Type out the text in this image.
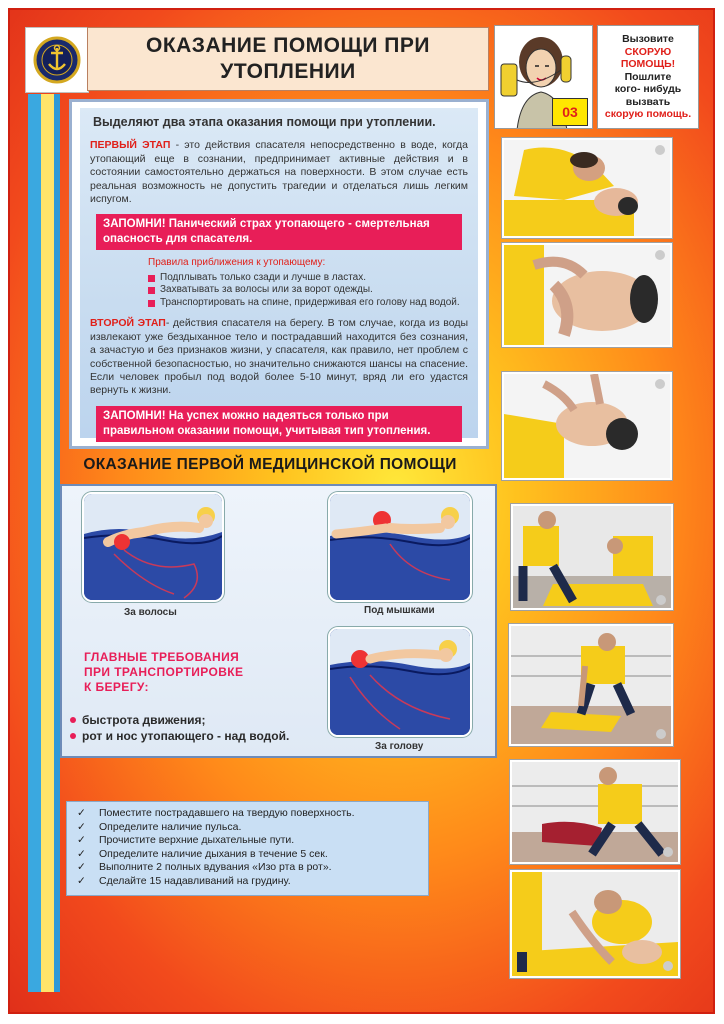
ОКАЗАНИЕ ПОМОЩИ ПРИ
УТОПЛЕНИИ
03
Вызовите
СКОРУЮ
ПОМОЩЬ!
Пошлите
кого- нибудь
вызвать
скорую помощь.
Выделяют два этапа оказания помощи при утоплении.
ПЕРВЫЙ ЭТАП - это действия спасателя непосредственно в воде, когда утопающий еще в сознании, предпринимает активные действия и в состоянии самостоятельно держаться на поверхности. В этом случае есть реальная возможность не допустить трагедии и отделаться лишь легким испугом.
ЗАПОМНИ! Панический страх утопающего - смертельная опасность для спасателя.
Правила приближения к утопающему:
Подплывать только сзади и лучше в ластах.
Захватывать за волосы или за ворот одежды.
Транспортировать на спине, придерживая его голову над водой.
ВТОРОЙ ЭТАП- действия спасателя на берегу. В том случае, когда из воды извлекают уже бездыханное тело и пострадавший находится без сознания, а зачастую и без признаков жизни, у спасателя, как правило, нет проблем с собственной безопасностью, но значительно снижаются шансы на спасение. Если человек пробыл под водой более 5-10 минут, вряд ли его удастся вернуть к жизни.
ЗАПОМНИ! На успех можно надеяться только при правильном оказании помощи, учитывая тип утопления.
ОКАЗАНИЕ ПЕРВОЙ МЕДИЦИНСКОЙ ПОМОЩИ
За волосы	Под мышками
За голову
ГЛАВНЫЕ ТРЕБОВАНИЯ
ПРИ ТРАНСПОРТИРОВКЕ
К БЕРЕГУ:
быстрота движения;
рот и нос утопающего - над водой.
✓ Поместите пострадавшего на твердую поверхность.
✓ Определите наличие пульса.
✓ Прочистите верхние дыхательные пути.
✓ Определите наличие дыхания в течение 5 сек.
✓ Выполните 2 полных вдувания «Изо рта в рот».
✓ Сделайте 15 надавливаний на грудину.
